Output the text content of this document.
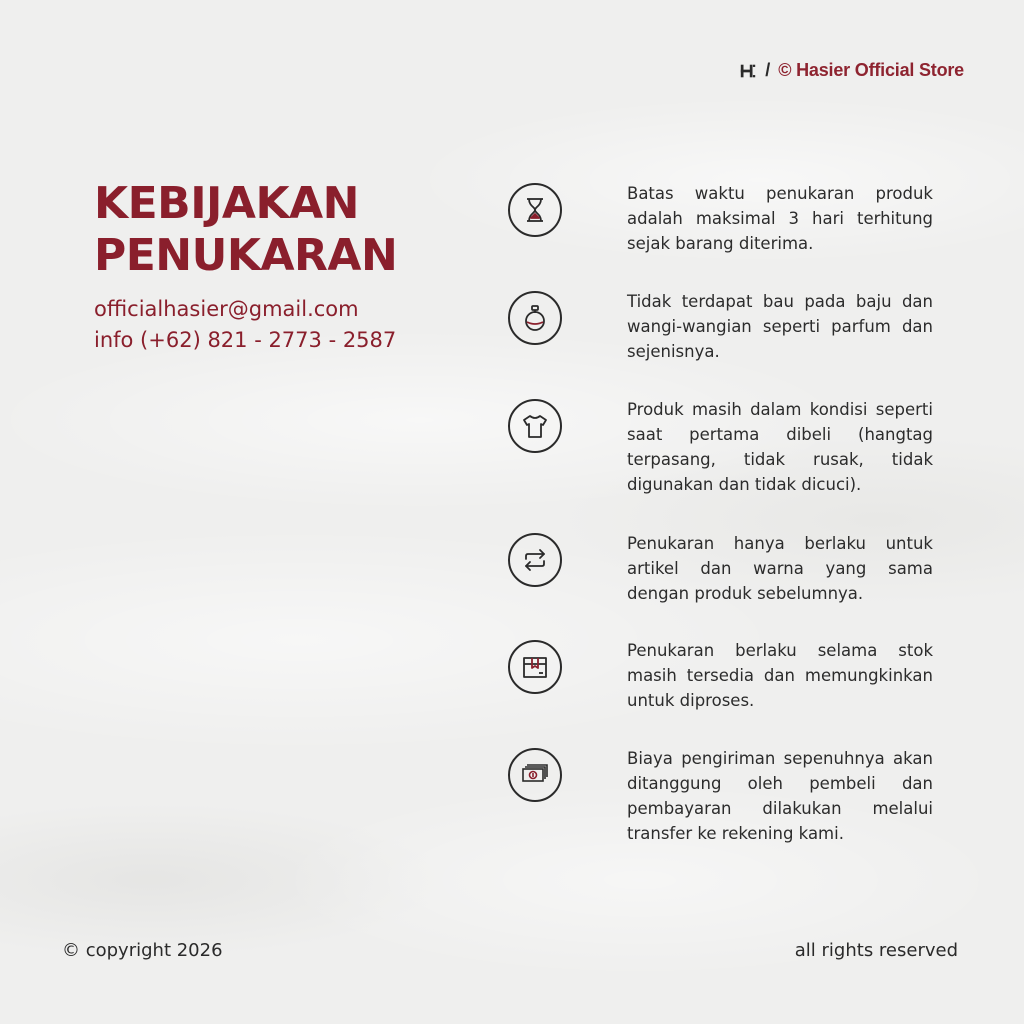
/ © Hasier Official Store
KEBIJAKAN
PENUKARAN
officialhasier@gmail.com
info (+62) 821 - 2773 - 2587
Batas waktu penukaran produk adalah maksimal 3 hari terhitung sejak barang diterima.
Tidak terdapat bau pada baju dan wangi-wangian seperti parfum dan sejenisnya.
Produk masih dalam kondisi seperti saat pertama dibeli (hangtag terpasang, tidak rusak, tidak digunakan dan tidak dicuci).
Penukaran hanya berlaku untuk artikel dan warna yang sama dengan produk sebelumnya.
Penukaran berlaku selama stok masih tersedia dan memungkinkan untuk diproses.
Biaya pengiriman sepenuhnya akan ditanggung oleh pembeli dan pembayaran dilakukan melalui transfer ke rekening kami.
© copyright 2026	all rights reserved
